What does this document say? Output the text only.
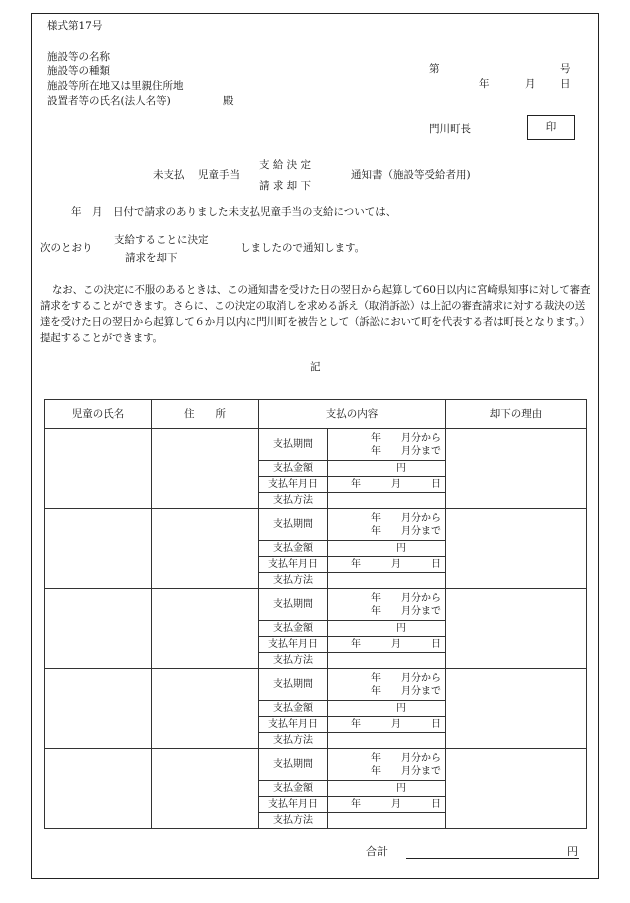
様式第17号
施設等の名称
施設等の種類
施設等所在地又は里親住所地
設置者等の氏名(法人名等)	殿
第	号
年	月 日
門川町長	印
未支払 児童手当
支 給 決 定
請 求 却 下
通知書（施設等受給者用)
年　月　日付で請求のありました未支払児童手当の支給については、
次のとおり
支給することに決定
請求を却下
しましたので通知します。
なお、この決定に不服のあるときは、この通知書を受けた日の翌日から起算して60日以内に宮崎県知事に対して審査請求をすることができます。さらに、この決定の取消しを求める訴え（取消訴訟）は上記の審査請求に対する裁決の送達を受けた日の翌日から起算して６か月以内に門川町を被告として（訴訟において町を代表する者は町長となります。）提起することができます。
記
児童の氏名	住　　所	支払の内容		却下の理由
		支払期間	年　　月分から
年　　月分まで	

		支払金額	円	
		支払年月日	年　　　月　　　日	
		支払方法		
		支払期間	年　　月分から
年　　月分まで	

		支払金額	円	
		支払年月日	年　　　月　　　日	
		支払方法		
		支払期間	年　　月分から
年　　月分まで	

		支払金額	円	
		支払年月日	年　　　月　　　日	
		支払方法		
		支払期間	年　　月分から
年　　月分まで	

		支払金額	円	
		支払年月日	年　　　月　　　日	
		支払方法		
		支払期間	年　　月分から
年　　月分まで	

		支払金額	円	
		支払年月日	年　　　月　　　日	
		支払方法		
合計	円
